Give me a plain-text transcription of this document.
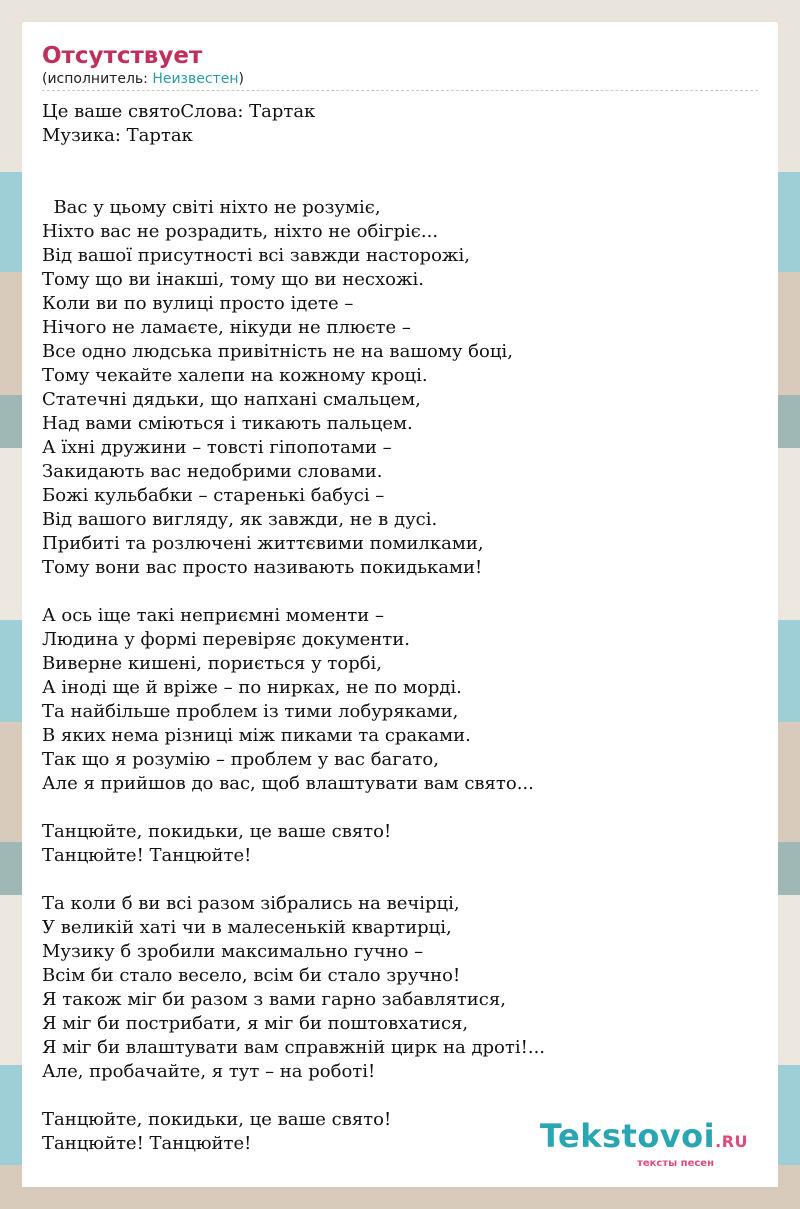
Отсутствует

(исполнитель: Неизвестен)

Це ваше святоСлова: Тартак
Музика: Тартак

Вас у цьому світі ніхто не розуміє,
Ніхто вас не розрадить, ніхто не обігріє...
Від вашої присутності всі завжди насторожі,
Тому що ви інакші, тому що ви несхожі.
Коли ви по вулиці просто ідете –
Нічого не ламаєте, нікуди не плюєте –
Все одно людська привітність не на вашому боці,
Тому чекайте халепи на кожному кроці.
Статечні дядьки, що напхані смальцем,
Над вами сміються і тикають пальцем.
А їхні дружини – товсті гіпопотами –
Закидають вас недобрими словами.
Божі кульбабки – старенькі бабусі –
Від вашого вигляду, як завжди, не в дусі.
Прибиті та розлючені життєвими помилками,
Тому вони вас просто називають покидьками!

А ось іще такі неприємні моменти –
Людина у формі перевіряє документи.
Виверне кишені, пориється у торбі,
А іноді ще й вріже – по нирках, не по морді.
Та найбільше проблем із тими лобуряками,
В яких нема різниці між пиками та сраками.
Так що я розумію – проблем у вас багато,
Але я прийшов до вас, щоб влаштувати вам свято...

Танцюйте, покидьки, це ваше свято!
Танцюйте! Танцюйте!

Та коли б ви всі разом зібрались на вечірці,
У великій хаті чи в малесенькій квартирці,
Музику б зробили максимально гучно –
Всім би стало весело, всім би стало зручно!
Я також міг би разом з вами гарно забавлятися,
Я міг би пострибати, я міг би поштовхатися,
Я міг би влаштувати вам справжній цирк на дроті!...
Але, пробачайте, я тут – на роботі!

Танцюйте, покидьки, це ваше свято!
Танцюйте! Танцюйте!	Tekstovoi.RU
тексты песен
